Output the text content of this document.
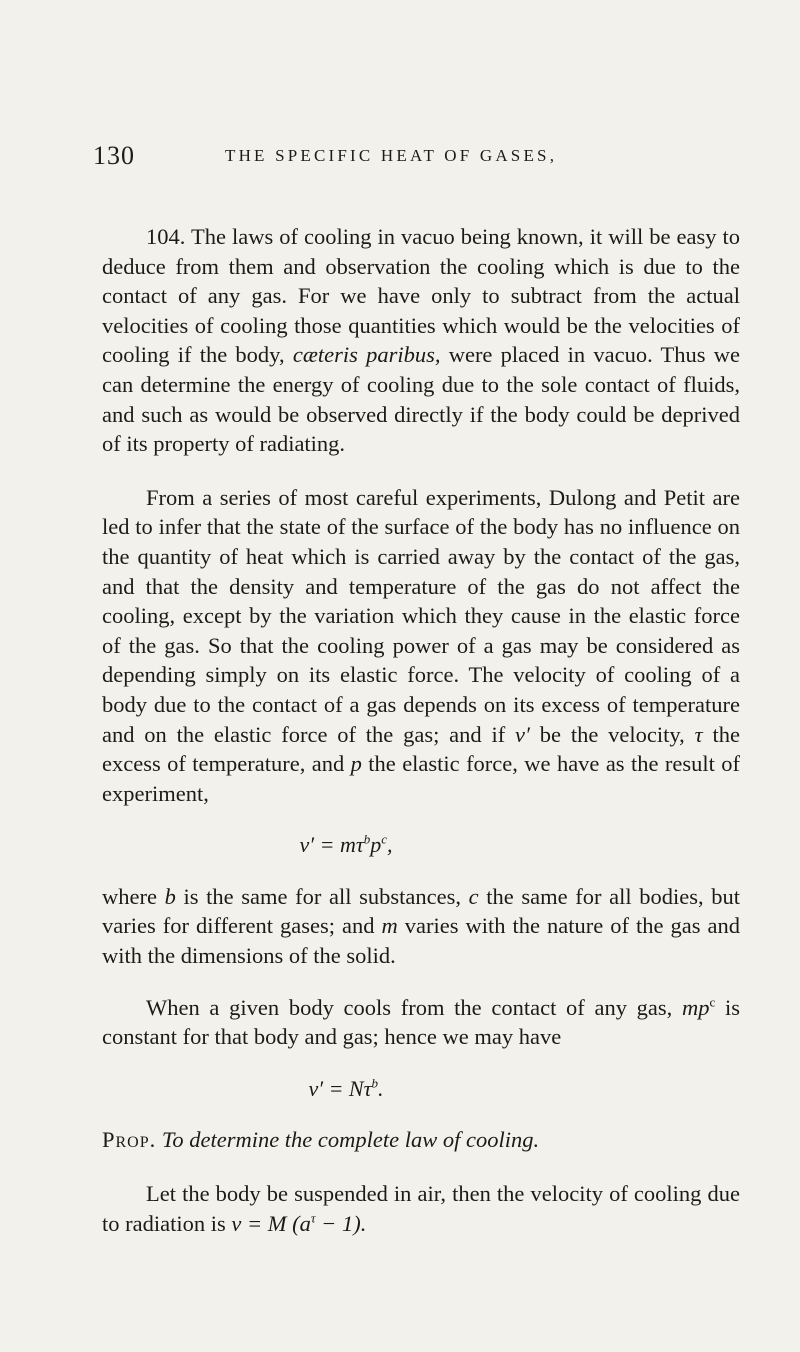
130	THE SPECIFIC HEAT OF GASES,

104. The laws of cooling in vacuo being known, it will be easy to deduce from them and observation the cooling which is due to the contact of any gas. For we have only to subtract from the actual velocities of cooling those quantities which would be the velocities of cooling if the body, cæteris paribus, were placed in vacuo. Thus we can determine the energy of cooling due to the sole contact of fluids, and such as would be observed directly if the body could be deprived of its property of radiating.

From a series of most careful experiments, Dulong and Petit are led to infer that the state of the surface of the body has no influence on the quantity of heat which is carried away by the contact of the gas, and that the density and temperature of the gas do not affect the cooling, except by the variation which they cause in the elastic force of the gas. So that the cooling power of a gas may be considered as depending simply on its elastic force. The velocity of cooling of a body due to the contact of a gas depends on its excess of temperature and on the elastic force of the gas; and if v′ be the velocity, τ the excess of temperature, and p the elastic force, we have as the result of experiment,

$v' = m\tau^bp^c$,

where b is the same for all substances, c the same for all bodies, but varies for different gases; and m varies with the nature of the gas and with the dimensions of the solid.

When a given body cools from the contact of any gas, $mp^c$ is constant for that body and gas; hence we may have

$v' = N\tau^b$.

Prop. To determine the complete law of cooling.

Let the body be suspended in air, then the velocity of cooling due to radiation is v = M $(a^\tau - 1)$.
